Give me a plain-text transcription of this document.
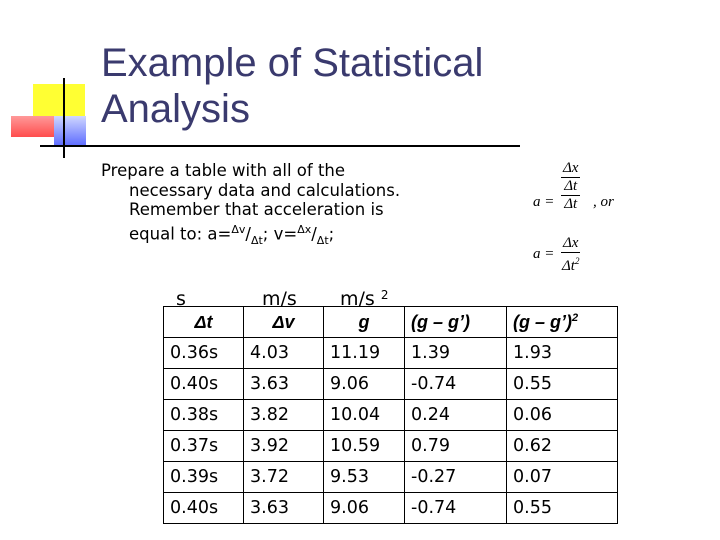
Example of Statistical
Analysis
Prepare a table with all of the
necessary data and calculations.
Remember that acceleration is
equal to: $a=^{\Delta v}/_{\Delta t}$; $v=^{\Delta x}/_{\Delta t}$;
a = Δx
Δt
Δt , or
$a = \frac{\Delta x}{\Delta t^2}$
s	m/s m/s $^2$
Δt	Δv	g	(g – g’)	(g – g’)$^2$
0.36s	4.03	11.19	1.39	1.93
0.40s	3.63	9.06	-0.74	0.55
0.38s	3.82	10.04	0.24	0.06
0.37s	3.92	10.59	0.79	0.62
0.39s	3.72	9.53	-0.27	0.07
0.40s	3.63	9.06	-0.74	0.55
